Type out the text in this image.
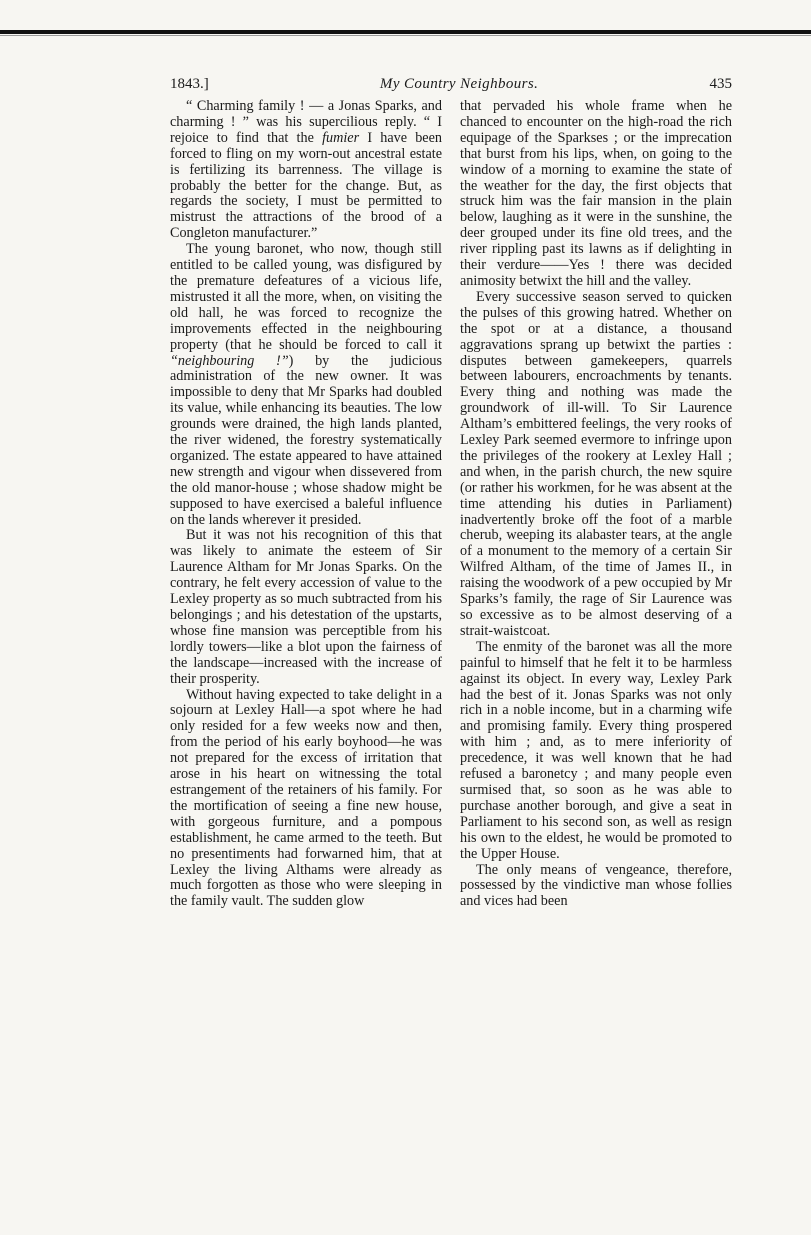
1843.]	My Country Neighbours.	435

“ Charming family ! — a Jonas Sparks, and charming ! ” was his supercilious reply. “ I rejoice to find that the fumier I have been forced to fling on my worn-out ancestral estate is fertilizing its barrenness. The village is probably the better for the change. But, as regards the society, I must be permitted to mistrust the attractions of the brood of a Congleton manufacturer.”

The young baronet, who now, though still entitled to be called young, was disfigured by the premature defeatures of a vicious life, mistrusted it all the more, when, on visiting the old hall, he was forced to recognize the improvements effected in the neighbouring property (that he should be forced to call it “neighbouring !”) by the judicious administration of the new owner. It was impossible to deny that Mr Sparks had doubled its value, while enhancing its beauties. The low grounds were drained, the high lands planted, the river widened, the forestry systematically organized. The estate appeared to have attained new strength and vigour when dissevered from the old manor-house ; whose shadow might be supposed to have exercised a baleful influence on the lands wherever it presided.

But it was not his recognition of this that was likely to animate the esteem of Sir Laurence Altham for Mr Jonas Sparks. On the contrary, he felt every accession of value to the Lexley property as so much subtracted from his belongings ; and his detestation of the upstarts, whose fine mansion was perceptible from his lordly towers—like a blot upon the fairness of the landscape—increased with the increase of their prosperity.

Without having expected to take delight in a sojourn at Lexley Hall—a spot where he had only resided for a few weeks now and then, from the period of his early boyhood—he was not prepared for the excess of irritation that arose in his heart on witnessing the total estrangement of the retainers of his family. For the mortification of seeing a fine new house, with gorgeous furniture, and a pompous establishment, he came armed to the teeth. But no presentiments had forwarned him, that at Lexley the living Althams were already as much forgotten as those who were sleeping in the family vault. The sudden glow

that pervaded his whole frame when he chanced to encounter on the high-road the rich equipage of the Sparkses ; or the imprecation that burst from his lips, when, on going to the window of a morning to examine the state of the weather for the day, the first objects that struck him was the fair mansion in the plain below, laughing as it were in the sunshine, the deer grouped under its fine old trees, and the river rippling past its lawns as if delighting in their verdure——Yes ! there was decided animosity betwixt the hill and the valley.

Every successive season served to quicken the pulses of this growing hatred. Whether on the spot or at a distance, a thousand aggravations sprang up betwixt the parties : disputes between gamekeepers, quarrels between labourers, encroachments by tenants. Every thing and nothing was made the groundwork of ill-will. To Sir Laurence Altham’s embittered feelings, the very rooks of Lexley Park seemed evermore to infringe upon the privileges of the rookery at Lexley Hall ; and when, in the parish church, the new squire (or rather his workmen, for he was absent at the time attending his duties in Parliament) inadvertently broke off the foot of a marble cherub, weeping its alabaster tears, at the angle of a monument to the memory of a certain Sir Wilfred Altham, of the time of James II., in raising the woodwork of a pew occupied by Mr Sparks’s family, the rage of Sir Laurence was so excessive as to be almost deserving of a strait-waistcoat.

The enmity of the baronet was all the more painful to himself that he felt it to be harmless against its object. In every way, Lexley Park had the best of it. Jonas Sparks was not only rich in a noble income, but in a charming wife and promising family. Every thing prospered with him ; and, as to mere inferiority of precedence, it was well known that he had refused a baronetcy ; and many people even surmised that, so soon as he was able to purchase another borough, and give a seat in Parliament to his second son, as well as resign his own to the eldest, he would be promoted to the Upper House.

The only means of vengeance, therefore, possessed by the vindictive man whose follies and vices had been
